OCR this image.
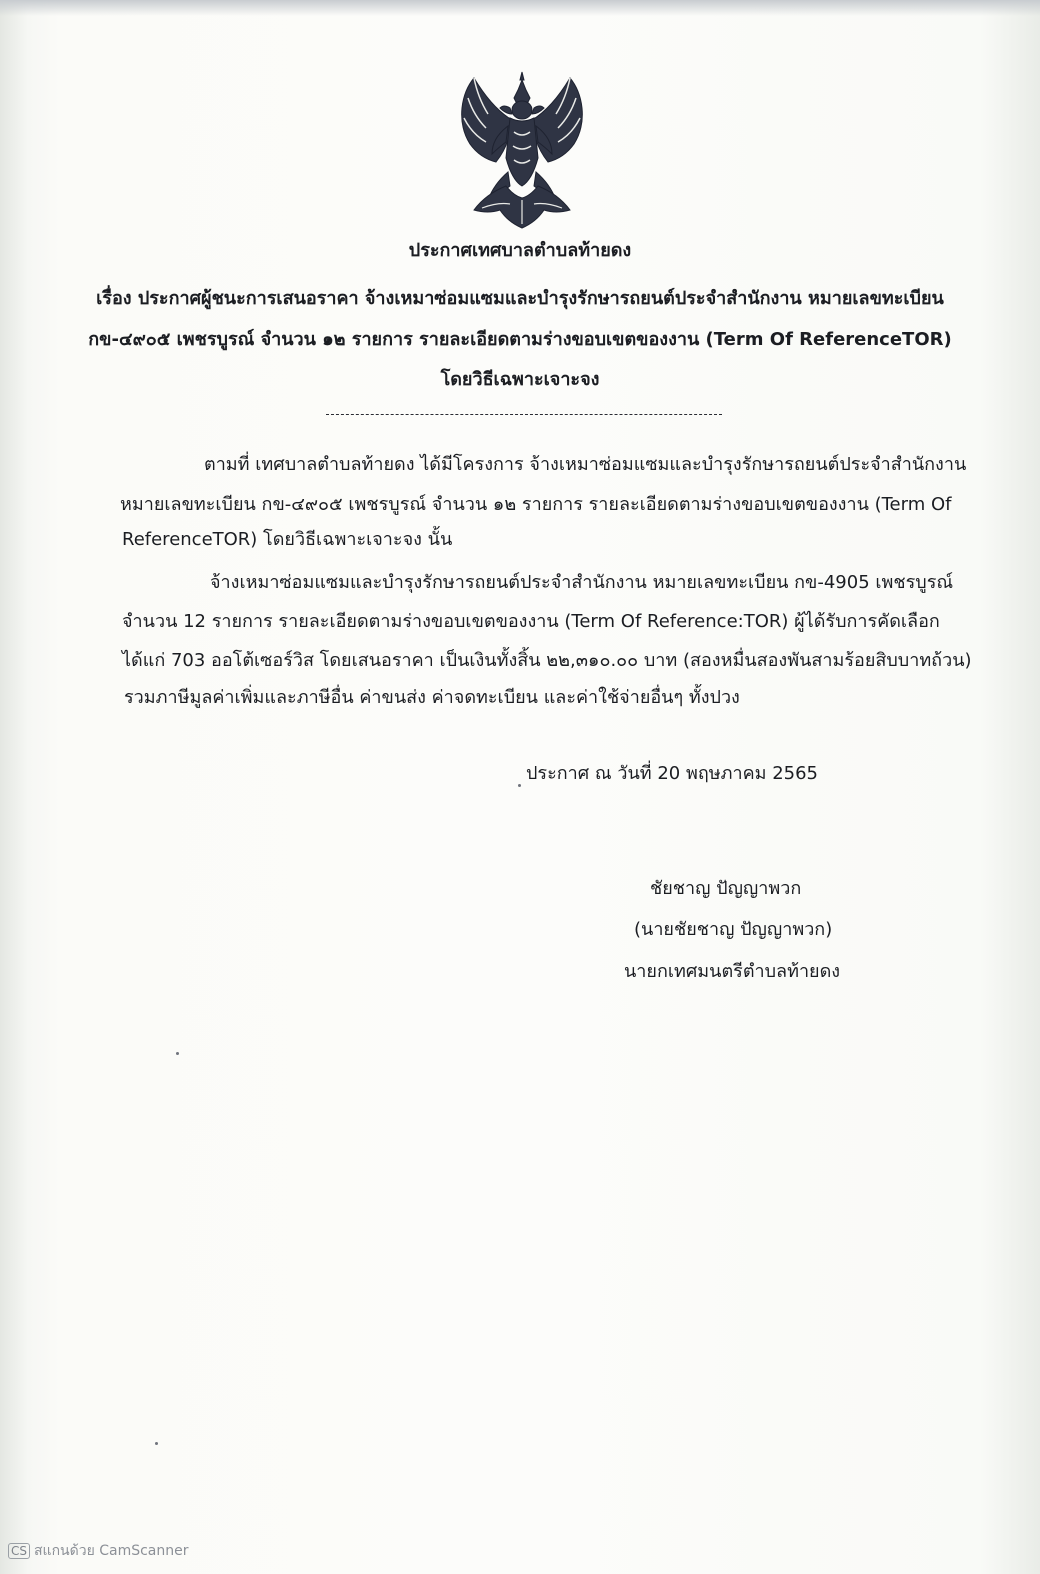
ประกาศเทศบาลตำบลท้ายดง
เรื่อง ประกาศผู้ชนะการเสนอราคา จ้างเหมาซ่อมแซมและบำรุงรักษารถยนต์ประจำสำนักงาน หมายเลขทะเบียน
กข-๔๙๐๕ เพชรบูรณ์ จำนวน ๑๒ รายการ รายละเอียดตามร่างขอบเขตของงาน (Term Of ReferenceTOR)
โดยวิธีเฉพาะเจาะจง
ตามที่ เทศบาลตำบลท้ายดง ได้มีโครงการ จ้างเหมาซ่อมแซมและบำรุงรักษารถยนต์ประจำสำนักงาน
หมายเลขทะเบียน กข-๔๙๐๕ เพชรบูรณ์ จำนวน ๑๒ รายการ รายละเอียดตามร่างขอบเขตของงาน (Term Of
ReferenceTOR) โดยวิธีเฉพาะเจาะจง นั้น
จ้างเหมาซ่อมแซมและบำรุงรักษารถยนต์ประจำสำนักงาน หมายเลขทะเบียน กข-4905 เพชรบูรณ์
จำนวน 12 รายการ รายละเอียดตามร่างขอบเขตของงาน (Term Of Reference:TOR) ผู้ได้รับการคัดเลือก
ได้แก่ 703 ออโต้เซอร์วิส โดยเสนอราคา เป็นเงินทั้งสิ้น ๒๒,๓๑๐.๐๐ บาท (สองหมื่นสองพันสามร้อยสิบบาทถ้วน)
รวมภาษีมูลค่าเพิ่มและภาษีอื่น ค่าขนส่ง ค่าจดทะเบียน และค่าใช้จ่ายอื่นๆ ทั้งปวง
ประกาศ ณ วันที่ 20 พฤษภาคม 2565
ชัยชาญ ปัญญาพวก
(นายชัยชาญ ปัญญาพวก)
นายกเทศมนตรีตำบลท้ายดง
CS สแกนด้วย CamScanner
